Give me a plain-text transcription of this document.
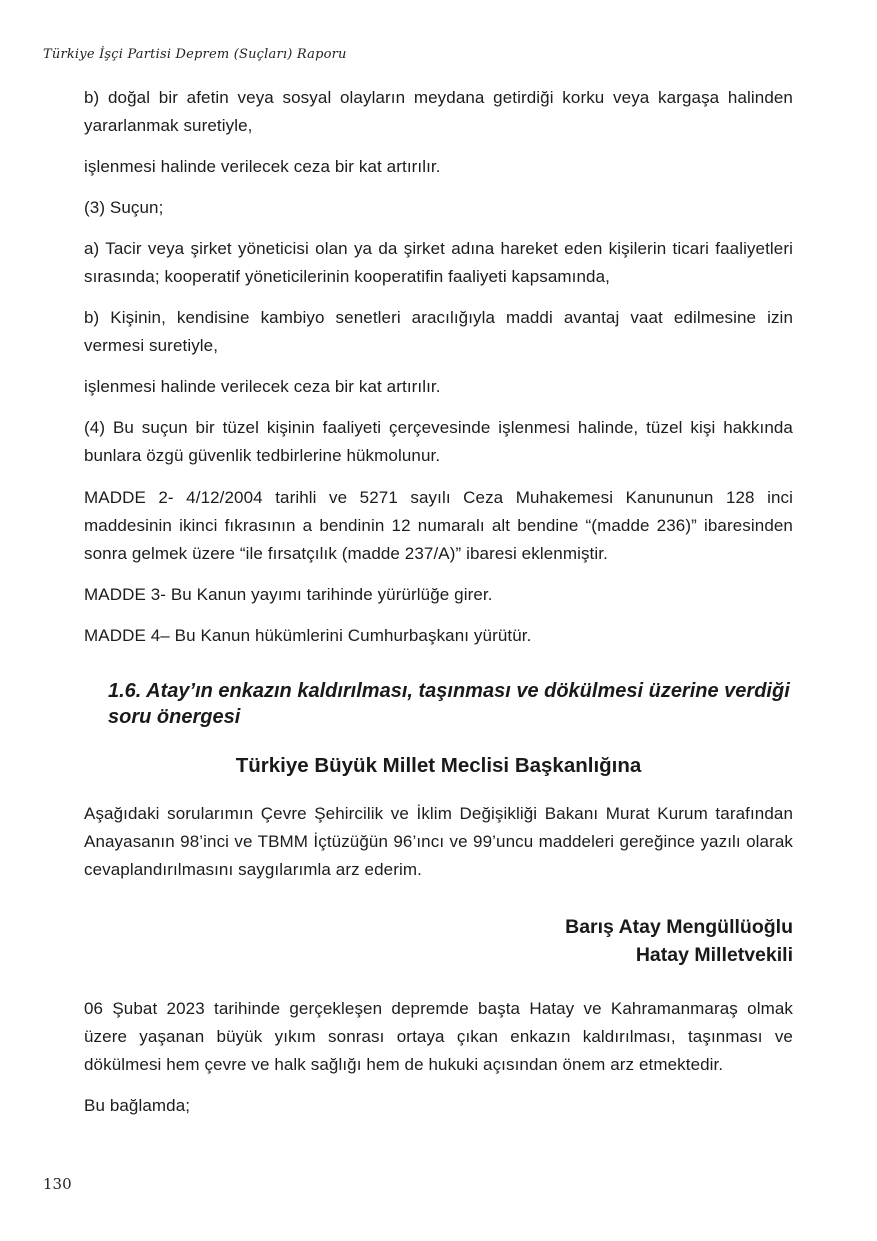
Türkiye İşçi Partisi Deprem (Suçları) Raporu

b) doğal bir afetin veya sosyal olayların meydana getirdiği korku veya kargaşa halinden yararlanmak suretiyle,

işlenmesi halinde verilecek ceza bir kat artırılır.

(3) Suçun;

a) Tacir veya şirket yöneticisi olan ya da şirket adına hareket eden kişilerin ticari faaliyetleri sırasında; kooperatif yöneticilerinin kooperatifin faaliyeti kapsamında,

b) Kişinin, kendisine kambiyo senetleri aracılığıyla maddi avantaj vaat edilmesine izin vermesi suretiyle,

işlenmesi halinde verilecek ceza bir kat artırılır.

(4) Bu suçun bir tüzel kişinin faaliyeti çerçevesinde işlenmesi halinde, tüzel kişi hakkında bunlara özgü güvenlik tedbirlerine hükmolunur.

MADDE 2- 4/12/2004 tarihli ve 5271 sayılı Ceza Muhakemesi Kanununun 128 inci maddesinin ikinci fıkrasının a bendinin 12 numaralı alt bendine “(madde 236)” ibaresinden sonra gelmek üzere “ile fırsatçılık (madde 237/A)” ibaresi eklenmiştir.

MADDE 3- Bu Kanun yayımı tarihinde yürürlüğe girer.

MADDE 4– Bu Kanun hükümlerini Cumhurbaşkanı yürütür.

1.6. Atay’ın enkazın kaldırılması, taşınması ve dökülmesi üzerine verdiği soru önergesi
Türkiye Büyük Millet Meclisi Başkanlığına

Aşağıdaki sorularımın Çevre Şehircilik ve İklim Değişikliği Bakanı Murat Kurum tarafından Anayasanın 98’inci ve TBMM İçtüzüğün 96’ıncı ve 99’uncu maddeleri gereğince yazılı olarak cevaplandırılmasını saygılarımla arz ederim.

Barış Atay Mengüllüoğlu
Hatay Milletvekili

06 Şubat 2023 tarihinde gerçekleşen depremde başta Hatay ve Kahramanmaraş olmak üzere yaşanan büyük yıkım sonrası ortaya çıkan enkazın kaldırılması, taşınması ve dökülmesi hem çevre ve halk sağlığı hem de hukuki açısından önem arz etmektedir.

Bu bağlamda;

130
